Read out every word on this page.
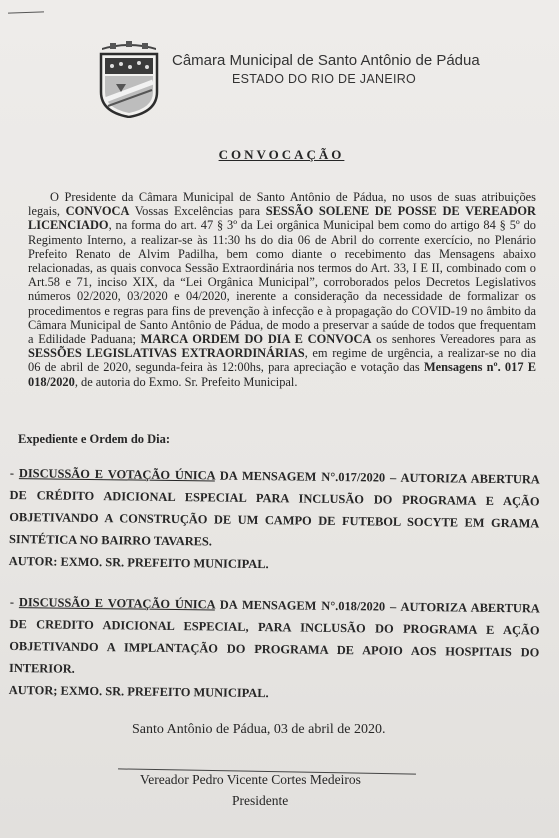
Câmara Municipal de Santo Antônio de Pádua
ESTADO DO RIO DE JANEIRO
CONVOCAÇÃO

O Presidente da Câmara Municipal de Santo Antônio de Pádua, no usos de suas atribuições legais, CONVOCA Vossas Excelências para SESSÃO SOLENE DE POSSE DE VEREADOR LICENCIADO, na forma do art. 47 § 3º da Lei orgânica Municipal bem como do artigo 84 § 5º do Regimento Interno, a realizar-se às 11:30 hs do dia 06 de Abril do corrente exercício, no Plenário Prefeito Renato de Alvim Padilha, bem como diante o recebimento das Mensagens abaixo relacionadas, as quais convoca Sessão Extraordinária nos termos do Art. 33, I E II, combinado com o Art.58 e 71, inciso XIX, da “Lei Orgânica Municipal”, corroborados pelos Decretos Legislativos números 02/2020, 03/2020 e 04/2020, inerente a consideração da necessidade de formalizar os procedimentos e regras para fins de prevenção à infecção e à propagação do COVID-19 no âmbito da Câmara Municipal de Santo Antônio de Pádua, de modo a preservar a saúde de todos que frequentam a Edilidade Paduana; MARCA ORDEM DO DIA E CONVOCA os senhores Vereadores para as SESSÕES LEGISLATIVAS EXTRAORDINÁRIAS, em regime de urgência, a realizar-se no dia 06 de abril de 2020, segunda-feira às 12:00hs, para apreciação e votação das Mensagens nº. 017 E 018/2020, de autoria do Exmo. Sr. Prefeito Municipal.

Expediente e Ordem do Dia:
- DISCUSSÃO E VOTAÇÃO ÚNICA DA MENSAGEM N°.017/2020 – AUTORIZA ABERTURA DE CRÉDITO ADICIONAL ESPECIAL PARA INCLUSÃO DO PROGRAMA E AÇÃO OBJETIVANDO A CONSTRUÇÃO DE UM CAMPO DE FUTEBOL SOCYTE EM GRAMA SINTÉTICA NO BAIRRO TAVARES.
AUTOR: EXMO. SR. PREFEITO MUNICIPAL.
- DISCUSSÃO E VOTAÇÃO ÚNICA DA MENSAGEM N°.018/2020 – AUTORIZA ABERTURA DE CREDITO ADICIONAL ESPECIAL, PARA INCLUSÃO DO PROGRAMA E AÇÃO OBJETIVANDO A IMPLANTAÇÃO DO PROGRAMA DE APOIO AOS HOSPITAIS DO INTERIOR.
AUTOR; EXMO. SR. PREFEITO MUNICIPAL.
Santo Antônio de Pádua, 03 de abril de 2020.
Vereador Pedro Vicente Cortes Medeiros
Presidente
